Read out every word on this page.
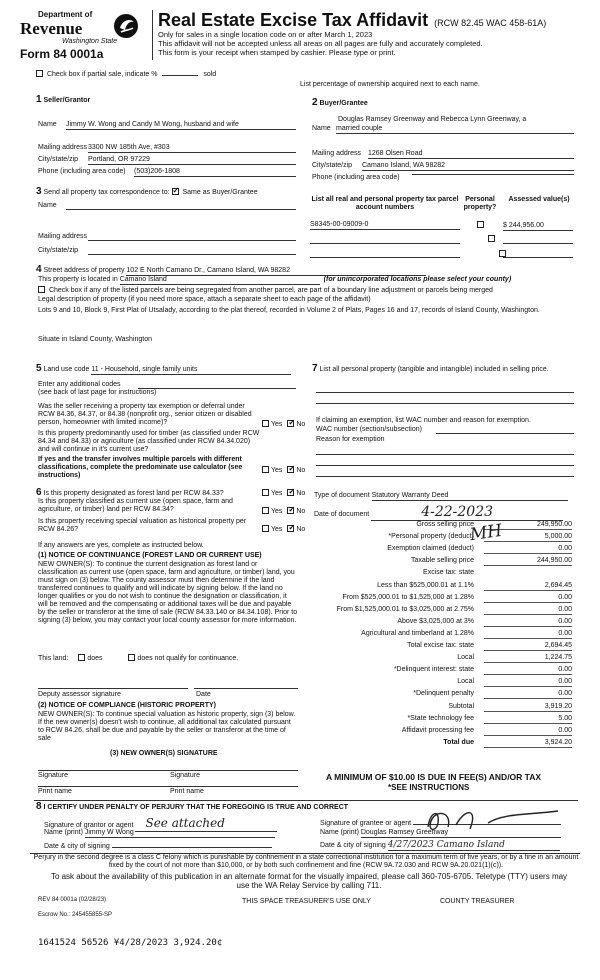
Department of
Revenue
Washington State
Form 84 0001a
Real Estate Excise Tax Affidavit (RCW 82.45 WAC 458-61A)
Only for sales in a single location code on or after March 1, 2023
This affidavit will not be accepted unless all areas on all pages are fully and accurately completed.
This form is your receipt when stamped by cashier. Please type or print.
Check box if partial sale, indicate %	sold
List percentage of ownership acquired next to each name.
1 Seller/Grantor
Name Jimmy W. Wong and Candy M Wong, husband and wife
Mailing address 3300 NW 185th Ave, #303
City/state/zip Portland, OR 97229
Phone (including area code) (503)206-1808
2 Buyer/Grantee
Douglas Ramsey Greenway and Rebecca Lynn Greenway, a
Name married couple
Mailing address 1268 Olsen Road
City/state/zip Camano Island, WA 98282
Phone (including area code)
3 Send all property tax correspondence to: ✓ Same as Buyer/Grantee
Name
Mailing address
City/state/zip
List all real and personal property tax parcel account numbers
Personal property?
Assessed value(s)
S8345-00-09009-0
	$ 244,956.00

4 Street address of property 102 E North Camano Dr., Camano Island, WA 98282
This property is located in Camano Island	(for unincorporated locations please select your county)
Check box if any of the listed parcels are being segregated from another parcel, are part of a boundary line adjustment or parcels being merged
Legal description of property (if you need more space, attach a separate sheet to each page of the affidavit)
Lots 9 and 10, Block 9, First Plat of Utsalady, according to the plat thereof, recorded in Volume 2 of Plats, Pages 16 and 17, records of Island County, Washington.
Situate in Island County, Washington
5 Land use code 11 - Household, single family units
Enter any additional codes
(see back of last page for instructions)
Was the seller receiving a property tax exemption or deferral under RCW 84.36, 84.37, or 84.38 (nonprofit org., senior citizen or disabled person, homeowner with limited income)?	Yes ✓ No
Is this property predominantly used for timber (as classified under RCW 84.34 and 84.33) or agriculture (as classified under RCW 84.34.020) and will continue in it's current use?
If yes and the transfer involves multiple parcels with different classifications, complete the predominate use calculator (see instructions)
Yes ✓ No
7 List all personal property (tangible and intangible) included in selling price.
If claiming an exemption, list WAC number and reason for exemption.
WAC number (section/subsection)
Reason for exemption
6 Is this property designated as forest land per RCW 84.33?	Yes ✓ No
Is this property classified as current use (open space, farm and agriculture, or timber) land per RCW 84.34?	Yes ✓ No
Is this property receiving special valuation as historical property per RCW 84.26?	Yes ✓ No
If any answers are yes, complete as instructed below.
(1) NOTICE OF CONTINUANCE (FOREST LAND OR CURRENT USE)
NEW OWNER(S): To continue the current designation as forest land or classification as current use (open space, farm and agriculture, or timber) land, you must sign on (3) below. The county assessor must then determine if the land transferred continues to qualify and will indicate by signing below. If the land no longer qualifies or you do not wish to continue the designation or classification, it will be removed and the compensating or additional taxes will be due and payable by the seller or transferor at the time of sale (RCW 84.33.140 or 84.34.108). Prior to signing (3) below, you may contact your local county assessor for more information.
This land:	does	does not qualify for continuance.
Deputy assessor signature	Date
(2) NOTICE OF COMPLIANCE (HISTORIC PROPERTY)
NEW OWNER(S): To continue special valuation as historic property, sign (3) below. If the new owner(s) doesn't wish to continue, all additional tax calculated pursuant to RCW 84.26, shall be due and payable by the seller or transferor at the time of sale
(3) NEW OWNER(S) SIGNATURE
Signature	Signature
Print name	Print name
Type of document Statutory Warranty Deed
Date of document	4-22-2023
Gross selling price	249,950.00
*Personal property (deduct)	5,000.00
Exemption claimed (deduct)	0.00
Taxable selling price	244,950.00
Excise tax: state
Less than $525,000.01 at 1.1%	2,694.45
From $525,000.01 to $1,525,000 at 1.28%	0.00
From $1,525,000.01 to $3,025,000 at 2.75%	0.00
Above $3,025,000 at 3%	0.00
Agricultural and timberland at 1.28%	0.00
Total excise tax: state	2,694.45
Local	1,224.75
*Delinquent interest: state	0.00
Local	0.00
*Delinquent penalty	0.00
Subtotal	3,919.20
*State technology fee	5.00
Affidavit processing fee	0.00
Total due	3,924.20
MH
A MINIMUM OF $10.00 IS DUE IN FEE(S) AND/OR TAX
*SEE INSTRUCTIONS
8 I CERTIFY UNDER PENALTY OF PERJURY THAT THE FOREGOING IS TRUE AND CORRECT
Signature of grantor or agent See attached
Name (print) Jimmy W Wong
Date & city of signing
Signature of grantee or agent
Name (print) Douglas Ramsey Greenway
Date & city of signing 4/27/2023 Camano Island
Perjury in the second degree is a class C felony which is punishable by confinement in a state correctional institution for a maximum term of five years, or by a fine in an amount fixed by the court of not more than $10,000, or by both such confinement and fine (RCW 9A.72.030 and RCW 9A.20.021(1)(c)).
To ask about the availability of this publication in an alternate format for the visually impaired, please call 360-705-6705. Teletype (TTY) users may use the WA Relay Service by calling 711.
REV 84 0001a (02/28/23)	THIS SPACE TREASURER'S USE ONLY	COUNTY TREASURER
Escrow No.: 245455855-SP
1641524 56526 ¥4/28/2023 3,924.20¢
